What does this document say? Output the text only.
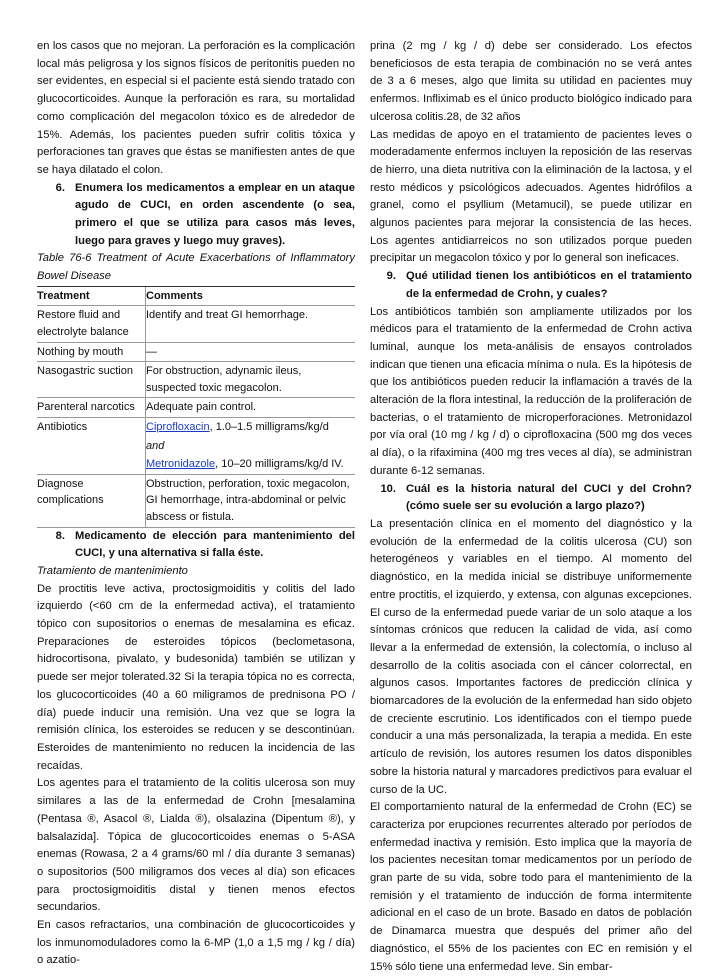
en los casos que no mejoran. La perforación es la complicación local más peligrosa y los signos físicos de peritonitis pueden no ser evidentes, en especial si el paciente está siendo tratado con glucocorticoides. Aunque la perforación es rara, su mortalidad como complicación del megacolon tóxico es de alrededor de 15%. Además, los pacientes pueden sufrir colitis tóxica y perforaciones tan graves que éstas se manifiesten antes de que se haya dilatado el colon.

6. Enumera los medicamentos a emplear en un ataque agudo de CUCI, en orden ascendente (o sea, primero el que se utiliza para casos más leves, luego para graves y luego muy graves).

Table 76-6 Treatment of Acute Exacerbations of Inflammatory Bowel Disease

Treatment	Comments
Restore fluid and electrolyte balance	Identify and treat GI hemorrhage.
Nothing by mouth	—
Nasogastric suction	For obstruction, adynamic ileus, suspected toxic megacolon.
Parenteral narcotics	Adequate pain control.
Antibiotics	Ciprofloxacin, 1.0–1.5 milligrams/kg/d
	and
	Metronidazole, 10–20 milligrams/kg/d IV.
Diagnose complications	Obstruction, perforation, toxic megacolon, GI hemorrhage, intra-abdominal or pelvic abscess or fistula.
8. Medicamento de elección para mantenimiento del CUCI, y una alternativa si falla éste.

Tratamiento de mantenimiento

De proctitis leve activa, proctosigmoiditis y colitis del lado izquierdo (<60 cm de la enfermedad activa), el tratamiento tópico con supositorios o enemas de mesalamina es eficaz. Preparaciones de esteroides tópicos (beclometasona, hidrocortisona, pivalato, y budesonida) también se utilizan y puede ser mejor tolerated.32 Si la terapia tópica no es correcta, los glucocorticoides (40 a 60 miligramos de prednisona PO / día) puede inducir una remisión. Una vez que se logra la remisión clínica, los esteroides se reducen y se descontinúan. Esteroides de mantenimiento no reducen la incidencia de las recaídas.

Los agentes para el tratamiento de la colitis ulcerosa son muy similares a las de la enfermedad de Crohn [mesalamina (Pentasa ®, Asacol ®, Lialda ®), olsalazina (Dipentum ®), y balsalazida]. Tópica de glucocorticoides enemas o 5-ASA enemas (Rowasa, 2 a 4 grams/60 ml / día durante 3 semanas) o supositorios (500 miligramos dos veces al día) son eficaces para proctosigmoiditis distal y tienen menos efectos secundarios.

En casos refractarios, una combinación de glucocorticoides y los inmunomoduladores como la 6-MP (1,0 a 1,5 mg / kg / día) o azatio-

prina (2 mg / kg / d) debe ser considerado. Los efectos beneficiosos de esta terapia de combinación no se verá antes de 3 a 6 meses, algo que limita su utilidad en pacientes muy enfermos. Infliximab es el único producto biológico indicado para ulcerosa colitis.28, de 32 años

Las medidas de apoyo en el tratamiento de pacientes leves o moderadamente enfermos incluyen la reposición de las reservas de hierro, una dieta nutritiva con la eliminación de la lactosa, y el resto médicos y psicológicos adecuados. Agentes hidrófilos a granel, como el psyllium (Metamucil), se puede utilizar en algunos pacientes para mejorar la consistencia de las heces. Los agentes antidiarreicos no son utilizados porque pueden precipitar un megacolon tóxico y por lo general son ineficaces.

9. Qué utilidad tienen los antibióticos en el tratamiento de la enfermedad de Crohn, y cuales?

Los antibióticos también son ampliamente utilizados por los médicos para el tratamiento de la enfermedad de Crohn activa luminal, aunque los meta-análisis de ensayos controlados indican que tienen una eficacia mínima o nula. Es la hipótesis de que los antibióticos pueden reducir la inflamación a través de la alteración de la flora intestinal, la reducción de la proliferación de bacterias, o el tratamiento de microperforaciones. Metronidazol por vía oral (10 mg / kg / d) o ciprofloxacina (500 mg dos veces al día), o la rifaximina (400 mg tres veces al día), se administran durante 6-12 semanas.

10. Cuál es la historia natural del CUCI y del Crohn? (cómo suele ser su evolución a largo plazo?)

La presentación clínica en el momento del diagnóstico y la evolución de la enfermedad de la colitis ulcerosa (CU) son heterogéneos y variables en el tiempo. Al momento del diagnóstico, en la medida inicial se distribuye uniformemente entre proctitis, el izquierdo, y extensa, con algunas excepciones. El curso de la enfermedad puede variar de un solo ataque a los síntomas crónicos que reducen la calidad de vida, así como llevar a la enfermedad de extensión, la colectomía, o incluso al desarrollo de la colitis asociada con el cáncer colorrectal, en algunos casos. Importantes factores de predicción clínica y biomarcadores de la evolución de la enfermedad han sido objeto de creciente escrutinio. Los identificados con el tiempo puede conducir a una más personalizada, la terapia a medida. En este artículo de revisión, los autores resumen los datos disponibles sobre la historia natural y marcadores predictivos para evaluar el curso de la UC.

El comportamiento natural de la enfermedad de Crohn (EC) se caracteriza por erupciones recurrentes alterado por períodos de enfermedad inactiva y remisión. Esto implica que la mayoría de los pacientes necesitan tomar medicamentos por un período de gran parte de su vida, sobre todo para el mantenimiento de la remisión y el tratamiento de inducción de forma intermitente adicional en el caso de un brote. Basado en datos de población de Dinamarca muestra que después del primer año del diagnóstico, el 55% de los pacientes con EC en remisión y el 15% sólo tiene una enfermedad leve. Sin embar-
